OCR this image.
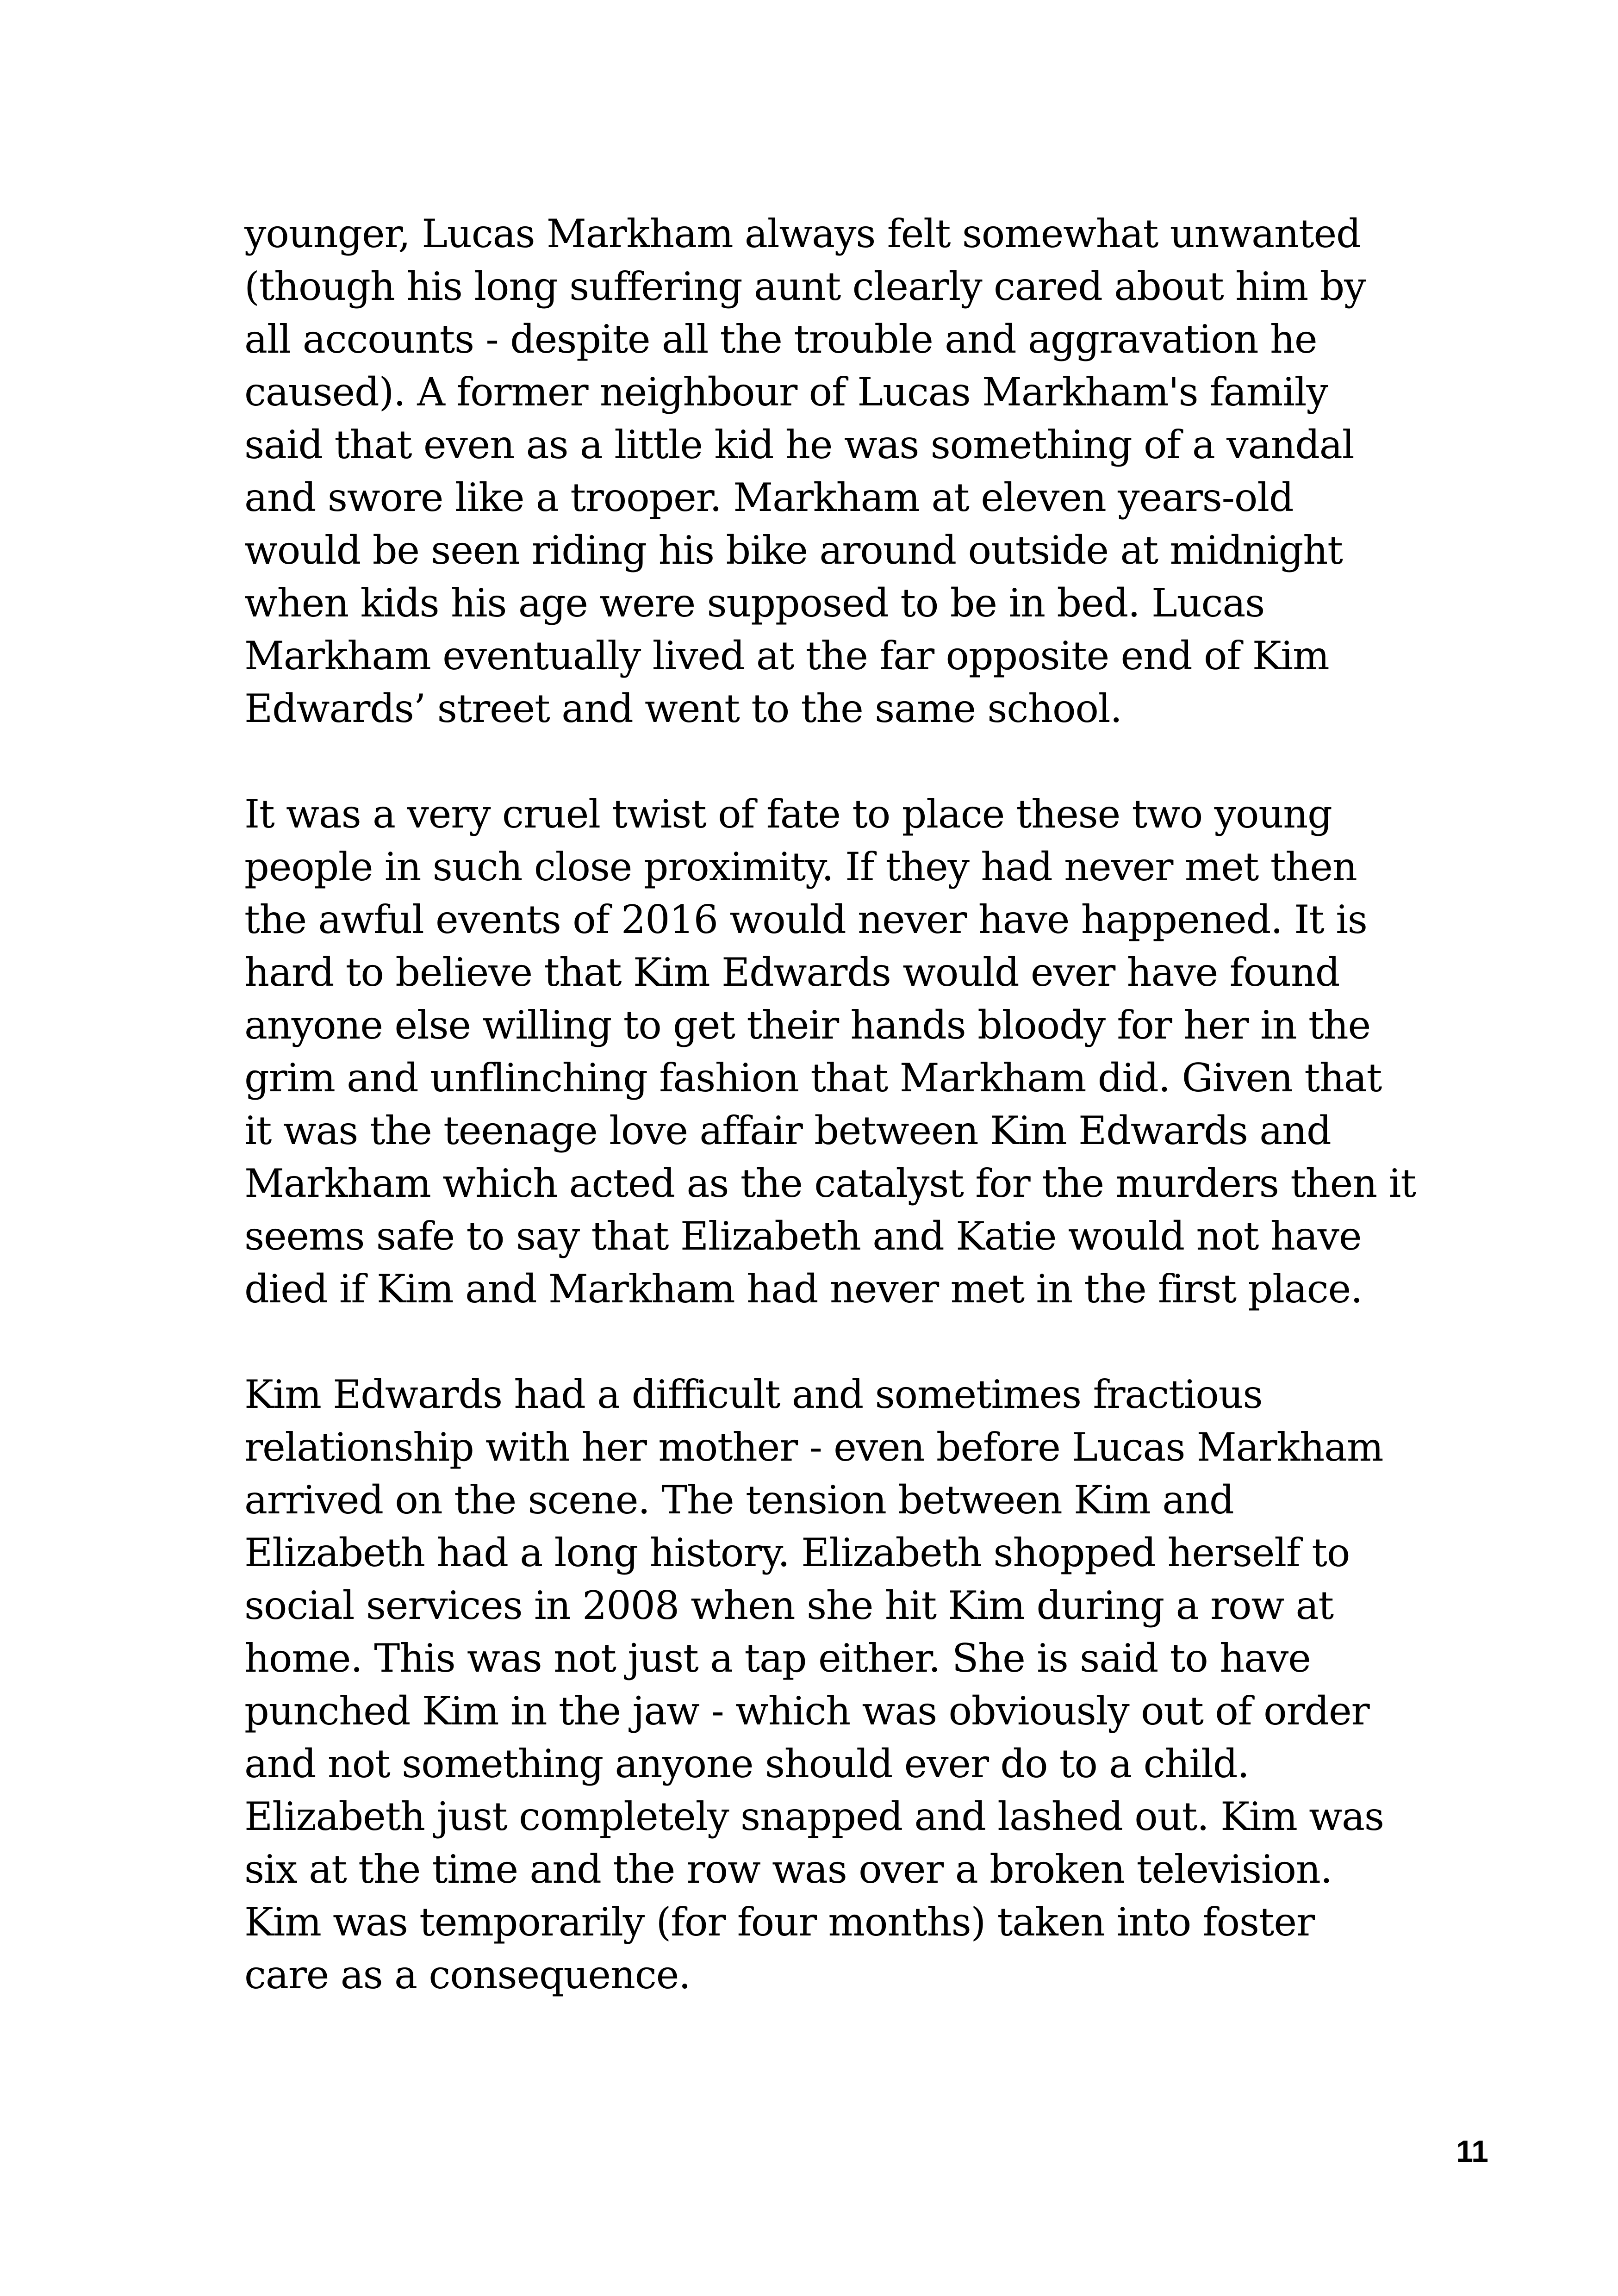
younger, Lucas Markham always felt somewhat unwanted
(though his long suffering aunt clearly cared about him by
all accounts - despite all the trouble and aggravation he
caused). A former neighbour of Lucas Markham's family
said that even as a little kid he was something of a vandal
and swore like a trooper. Markham at eleven years-old
would be seen riding his bike around outside at midnight
when kids his age were supposed to be in bed. Lucas
Markham eventually lived at the far opposite end of Kim
Edwards’ street and went to the same school.

It was a very cruel twist of fate to place these two young
people in such close proximity. If they had never met then
the awful events of 2016 would never have happened. It is
hard to believe that Kim Edwards would ever have found
anyone else willing to get their hands bloody for her in the
grim and unflinching fashion that Markham did. Given that
it was the teenage love affair between Kim Edwards and
Markham which acted as the catalyst for the murders then it
seems safe to say that Elizabeth and Katie would not have
died if Kim and Markham had never met in the first place.

Kim Edwards had a difficult and sometimes fractious
relationship with her mother - even before Lucas Markham
arrived on the scene. The tension between Kim and
Elizabeth had a long history. Elizabeth shopped herself to
social services in 2008 when she hit Kim during a row at
home. This was not just a tap either. She is said to have
punched Kim in the jaw - which was obviously out of order
and not something anyone should ever do to a child.
Elizabeth just completely snapped and lashed out. Kim was
six at the time and the row was over a broken television.
Kim was temporarily (for four months) taken into foster
care as a consequence.

11
